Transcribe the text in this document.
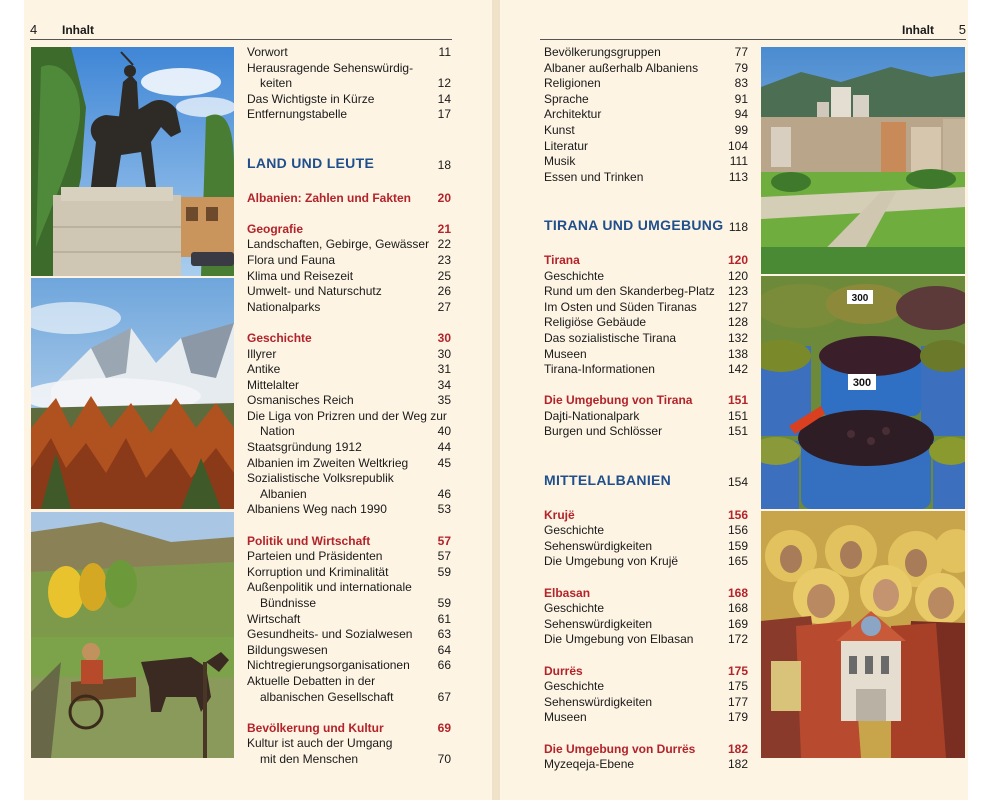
4 Inhalt	Inhalt 5
300
300
Vorwort	11
Herausragende Sehenswürdig-
keiten	12
Das Wichtigste in Kürze	14
Entfernungstabelle	17
LAND UND LEUTE	18
Albanien: Zahlen und Fakten 20
Geografie	21
Landschaften, Gebirge, Gewässer 22
Flora und Fauna	23
Klima und Reisezeit	25
Umwelt- und Naturschutz	26
Nationalparks	27
Geschichte	30
Illyrer	30
Antike	31
Mittelalter	34
Osmanisches Reich	35
Die Liga von Prizren und der Weg zur
Nation	40
Staatsgründung 1912	44
Albanien im Zweiten Weltkrieg 45
Sozialistische Volksrepublik
Albanien	46
Albaniens Weg nach 1990	53
Politik und Wirtschaft	57
Parteien und Präsidenten	57
Korruption und Kriminalität	59
Außenpolitik und internationale
Bündnisse	59
Wirtschaft	61
Gesundheits- und Sozialwesen 63
Bildungswesen	64
Nichtregierungsorganisationen 66
Aktuelle Debatten in der
albanischen Gesellschaft	67
Bevölkerung und Kultur	69
Kultur ist auch der Umgang
mit den Menschen	70
Bevölkerungsgruppen	77
Albaner außerhalb Albaniens	79
Religionen	83
Sprache	91
Architektur	94
Kunst	99
Literatur	104
Musik	111
Essen und Trinken	113
TIRANA UND UMGEBUNG 118
Tirana	120
Geschichte	120
Rund um den Skanderbeg-Platz 123
Im Osten und Süden Tiranas	127
Religiöse Gebäude	128
Das sozialistische Tirana	132
Museen	138
Tirana-Informationen	142
Die Umgebung von Tirana	151
Dajti-Nationalpark	151
Burgen und Schlösser	151
MITTELALBANIEN	154
Krujë	156
Geschichte	156
Sehenswürdigkeiten	159
Die Umgebung von Krujë	165
Elbasan	168
Geschichte	168
Sehenswürdigkeiten	169
Die Umgebung von Elbasan	172
Durrës	175
Geschichte	175
Sehenswürdigkeiten	177
Museen	179
Die Umgebung von Durrës	182
Myzeqeja-Ebene	182
